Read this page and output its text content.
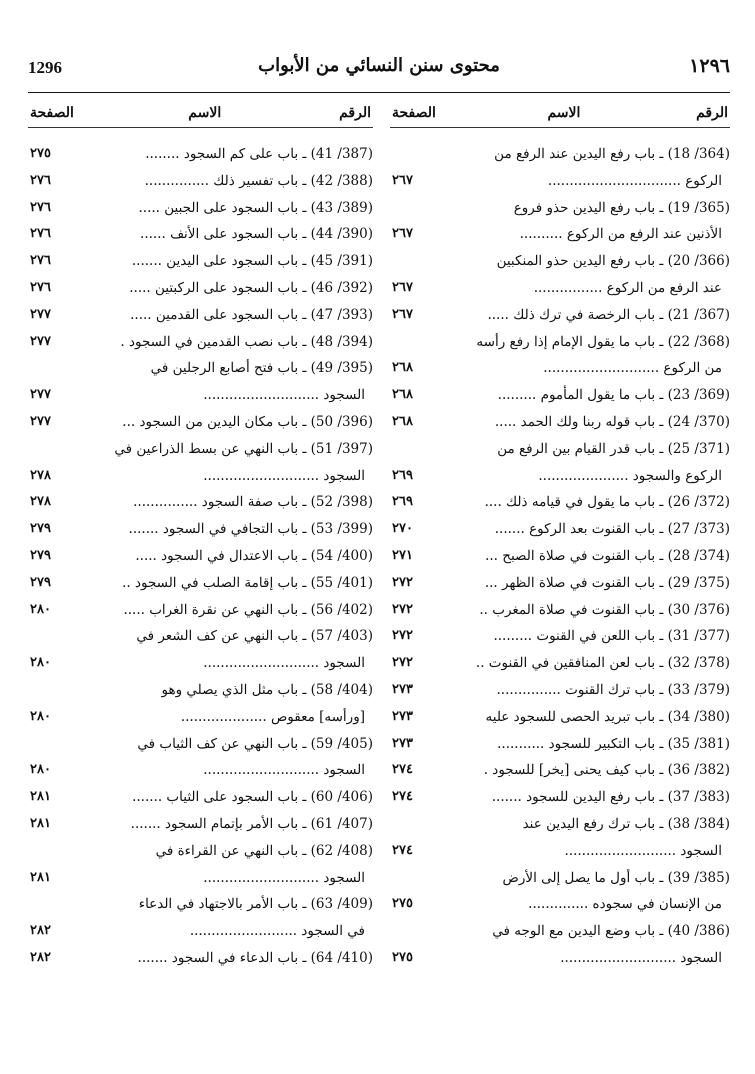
1296	محتوى سنن النسائي من الأبواب	١٢٩٦
الرقم
الاسم
الصفحة
(364/ 18) ـ باب رفع اليدين عند الرفع من
الركوع ...............................
٢٦٧
(365/ 19) ـ باب رفع اليدين حذو فروع
الأذنين عند الرفع من الركوع ..........
٢٦٧
(366/ 20) ـ باب رفع اليدين حذو المنكبين
عند الرفع من الركوع ................
٢٦٧
(367/ 21) ـ باب الرخصة في ترك ذلك .....
٢٦٧
(368/ 22) ـ باب ما يقول الإمام إذا رفع رأسه
من الركوع ...........................
٢٦٨
(369/ 23) ـ باب ما يقول المأموم .........
٢٦٨
(370/ 24) ـ باب قوله ربنا ولك الحمد .....
٢٦٨
(371/ 25) ـ باب قدر القيام بين الرفع من
الركوع والسجود .....................
٢٦٩
(372/ 26) ـ باب ما يقول في قيامه ذلك ....
٢٦٩
(373/ 27) ـ باب القنوت بعد الركوع .......
٢٧٠
(374/ 28) ـ باب القنوت في صلاة الصبح ...
٢٧١
(375/ 29) ـ باب القنوت في صلاة الظهر ...
٢٧٢
(376/ 30) ـ باب القنوت في صلاة المغرب ..
٢٧٢
(377/ 31) ـ باب اللعن في القنوت .........
٢٧٢
(378/ 32) ـ باب لعن المنافقين في القنوت ..
٢٧٢
(379/ 33) ـ باب ترك القنوت ...............
٢٧٣
(380/ 34) ـ باب تبريد الحصى للسجود عليه
٢٧٣
(381/ 35) ـ باب التكبير للسجود ...........
٢٧٣
(382/ 36) ـ باب كيف يحنى [يخر] للسجود .
٢٧٤
(383/ 37) ـ باب رفع اليدين للسجود .......
٢٧٤
(384/ 38) ـ باب ترك رفع اليدين عند
السجود ..........................
٢٧٤
(385/ 39) ـ باب أول ما يصل إلى الأرض
من الإنسان في سجوده ..............
٢٧٥
(386/ 40) ـ باب وضع اليدين مع الوجه في
السجود ...........................
٢٧٥
الرقم
الاسم
الصفحة
(387/ 41) ـ باب على كم السجود ........
٢٧٥
(388/ 42) ـ باب تفسير ذلك ...............
٢٧٦
(389/ 43) ـ باب السجود على الجبين .....
٢٧٦
(390/ 44) ـ باب السجود على الأنف ......
٢٧٦
(391/ 45) ـ باب السجود على اليدين .......
٢٧٦
(392/ 46) ـ باب السجود على الركبتين .....
٢٧٦
(393/ 47) ـ باب السجود على القدمين .....
٢٧٧
(394/ 48) ـ باب نصب القدمين في السجود .
٢٧٧
(395/ 49) ـ باب فتح أصابع الرجلين في
السجود ...........................
٢٧٧
(396/ 50) ـ باب مكان اليدين من السجود ...
٢٧٧
(397/ 51) ـ باب النهي عن بسط الذراعين في
السجود ...........................
٢٧٨
(398/ 52) ـ باب صفة السجود ...............
٢٧٨
(399/ 53) ـ باب التجافي في السجود .......
٢٧٩
(400/ 54) ـ باب الاعتدال في السجود .....
٢٧٩
(401/ 55) ـ باب إقامة الصلب في السجود ..
٢٧٩
(402/ 56) ـ باب النهي عن نقرة الغراب .....
٢٨٠
(403/ 57) ـ باب النهي عن كف الشعر في
السجود ...........................
٢٨٠
(404/ 58) ـ باب مثل الذي يصلي وهو
[ورأسه] معقوص ....................
٢٨٠
(405/ 59) ـ باب النهي عن كف الثياب في
السجود ...........................
٢٨٠
(406/ 60) ـ باب السجود على الثياب .......
٢٨١
(407/ 61) ـ باب الأمر بإتمام السجود .......
٢٨١
(408/ 62) ـ باب النهي عن القراءة في
السجود ...........................
٢٨١
(409/ 63) ـ باب الأمر بالاجتهاد في الدعاء
في السجود .........................
٢٨٢
(410/ 64) ـ باب الدعاء في السجود .......
٢٨٢
